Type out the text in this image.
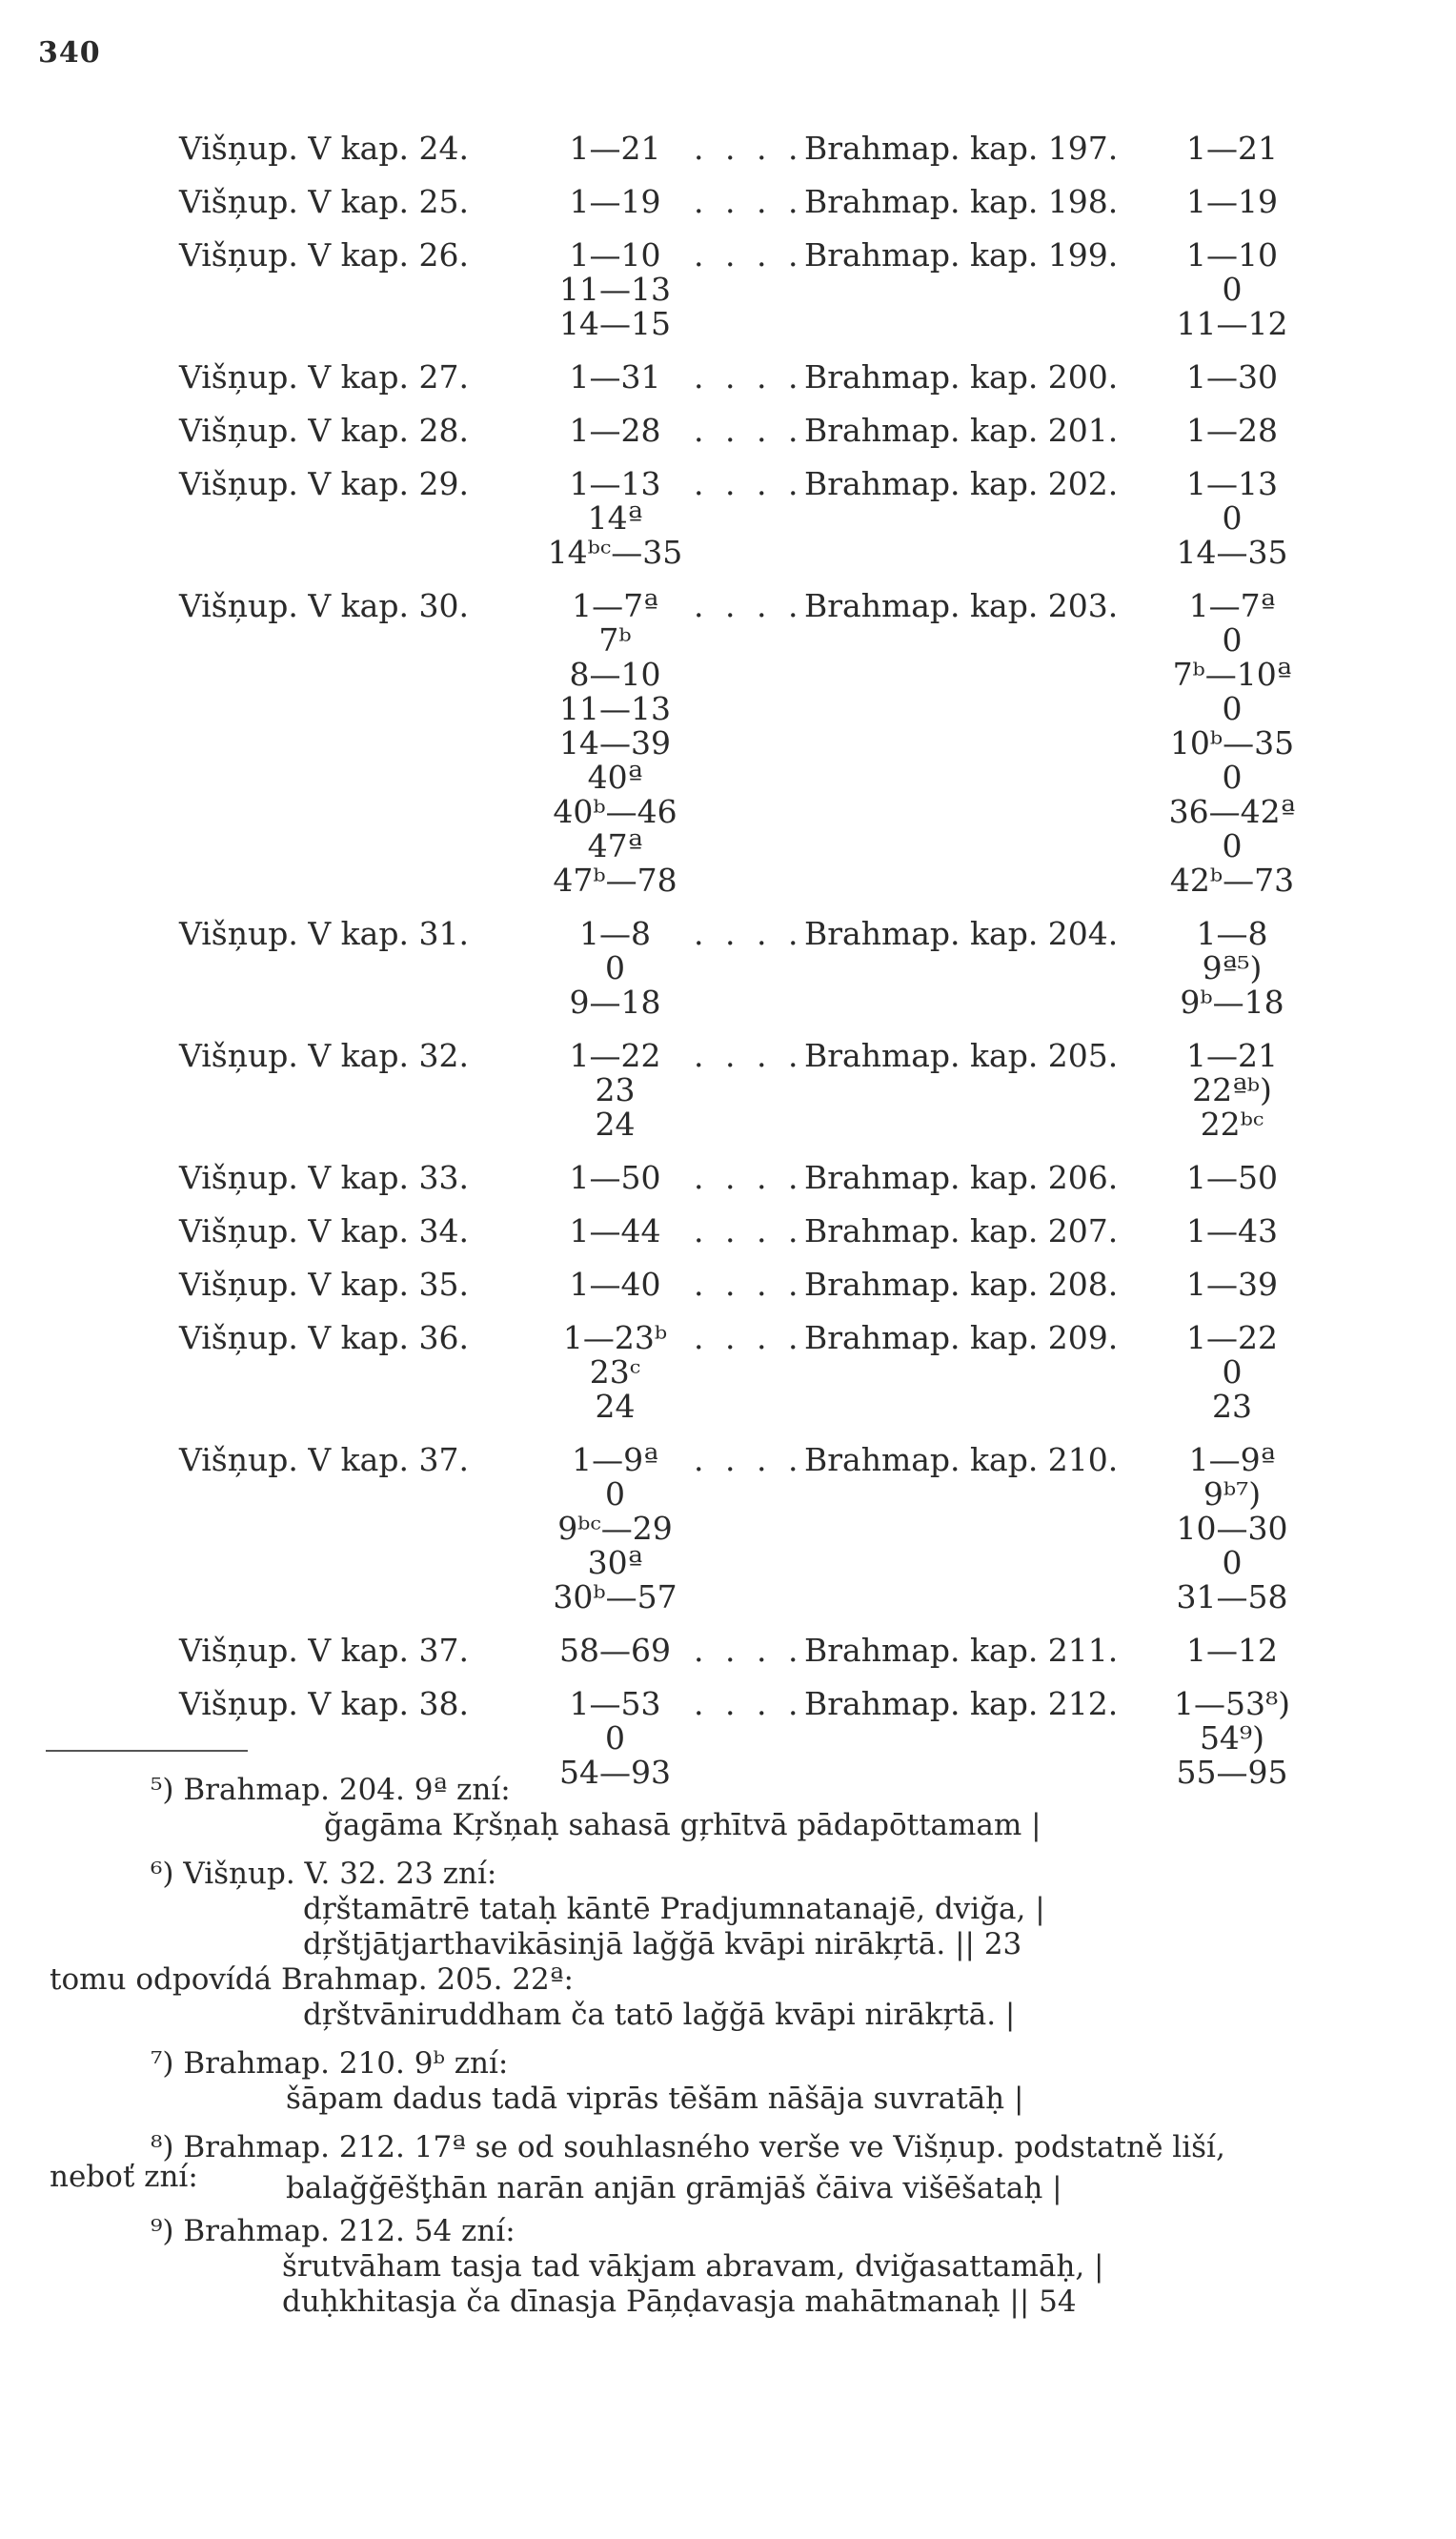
340
Višņup. V kap. 24.	. . . . Brahmap. kap. 197.
1—21	1—21
Višņup. V kap. 25.	. . . . Brahmap. kap. 198.
1—19	1—19
Višņup. V kap. 26.	. . . . Brahmap. kap. 199.
1—10	1—10
11—13	0
14—15	11—12
Višņup. V kap. 27.	. . . . Brahmap. kap. 200.
1—31	1—30
Višņup. V kap. 28.	. . . . Brahmap. kap. 201.
1—28	1—28
Višņup. V kap. 29.	. . . . Brahmap. kap. 202.
1—13	1—13
14ª	0
14ᵇᶜ—35	14—35
Višņup. V kap. 30.	. . . . Brahmap. kap. 203.
1—7ª	1—7ª
7ᵇ	0
8—10	7ᵇ—10ª
11—13	0
14—39	10ᵇ—35
40ª	0
40ᵇ—46	36—42ª
47ª	0
47ᵇ—78	42ᵇ—73
Višņup. V kap. 31.	. . . . Brahmap. kap. 204.
1—8	1—8
0	9ª⁵)
9—18	9ᵇ—18
Višņup. V kap. 32.	. . . . Brahmap. kap. 205.
1—22	1—21
23	22ªᵇ)
24	22ᵇᶜ
Višņup. V kap. 33.	. . . . Brahmap. kap. 206.
1—50	1—50
Višņup. V kap. 34.	. . . . Brahmap. kap. 207.
1—44	1—43
Višņup. V kap. 35.	. . . . Brahmap. kap. 208.
1—40	1—39
Višņup. V kap. 36.	. . . . Brahmap. kap. 209.
1—23ᵇ	1—22
23ᶜ	0
24	23
Višņup. V kap. 37.	. . . . Brahmap. kap. 210.
1—9ª	1—9ª
0	9ᵇ⁷)
9ᵇᶜ—29	10—30
30ª	0
30ᵇ—57	31—58
Višņup. V kap. 37.	. . . . Brahmap. kap. 211.
58—69	1—12
Višņup. V kap. 38.	. . . . Brahmap. kap. 212.
1—53	1—53⁸)
0	54⁹)
54—93	55—95
⁵) Brahmap. 204. 9ª zní:
ğagāma Kŗšņaḥ sahasā gŗhītvā pādapōttamam |
⁶) Višņup. V. 32. 23 zní:
dŗštamātrē tataḥ kāntē Pradjumnatanajē, dviğa, |
dŗštjātjarthavikāsinjā lağğā kvāpi nirākŗtā. || 23
tomu odpovídá Brahmap. 205. 22ª:
dŗštvāniruddham ča tatō lağğā kvāpi nirākŗtā. |
⁷) Brahmap. 210. 9ᵇ zní:
šāpam dadus tadā viprās tēšām nāšāja suvratāḥ |
⁸) Brahmap. 212. 17ª se od souhlasného verše ve Višņup. podstatně liší,
neboť zní:	balağğēšţhān narān anjān grāmjāš čāiva višēšataḥ |
⁹) Brahmap. 212. 54 zní:
šrutvāham tasja tad vākjam abravam, dviğasattamāḥ, |
duḥkhitasja ča dīnasja Pāņḍavasja mahātmanaḥ || 54
